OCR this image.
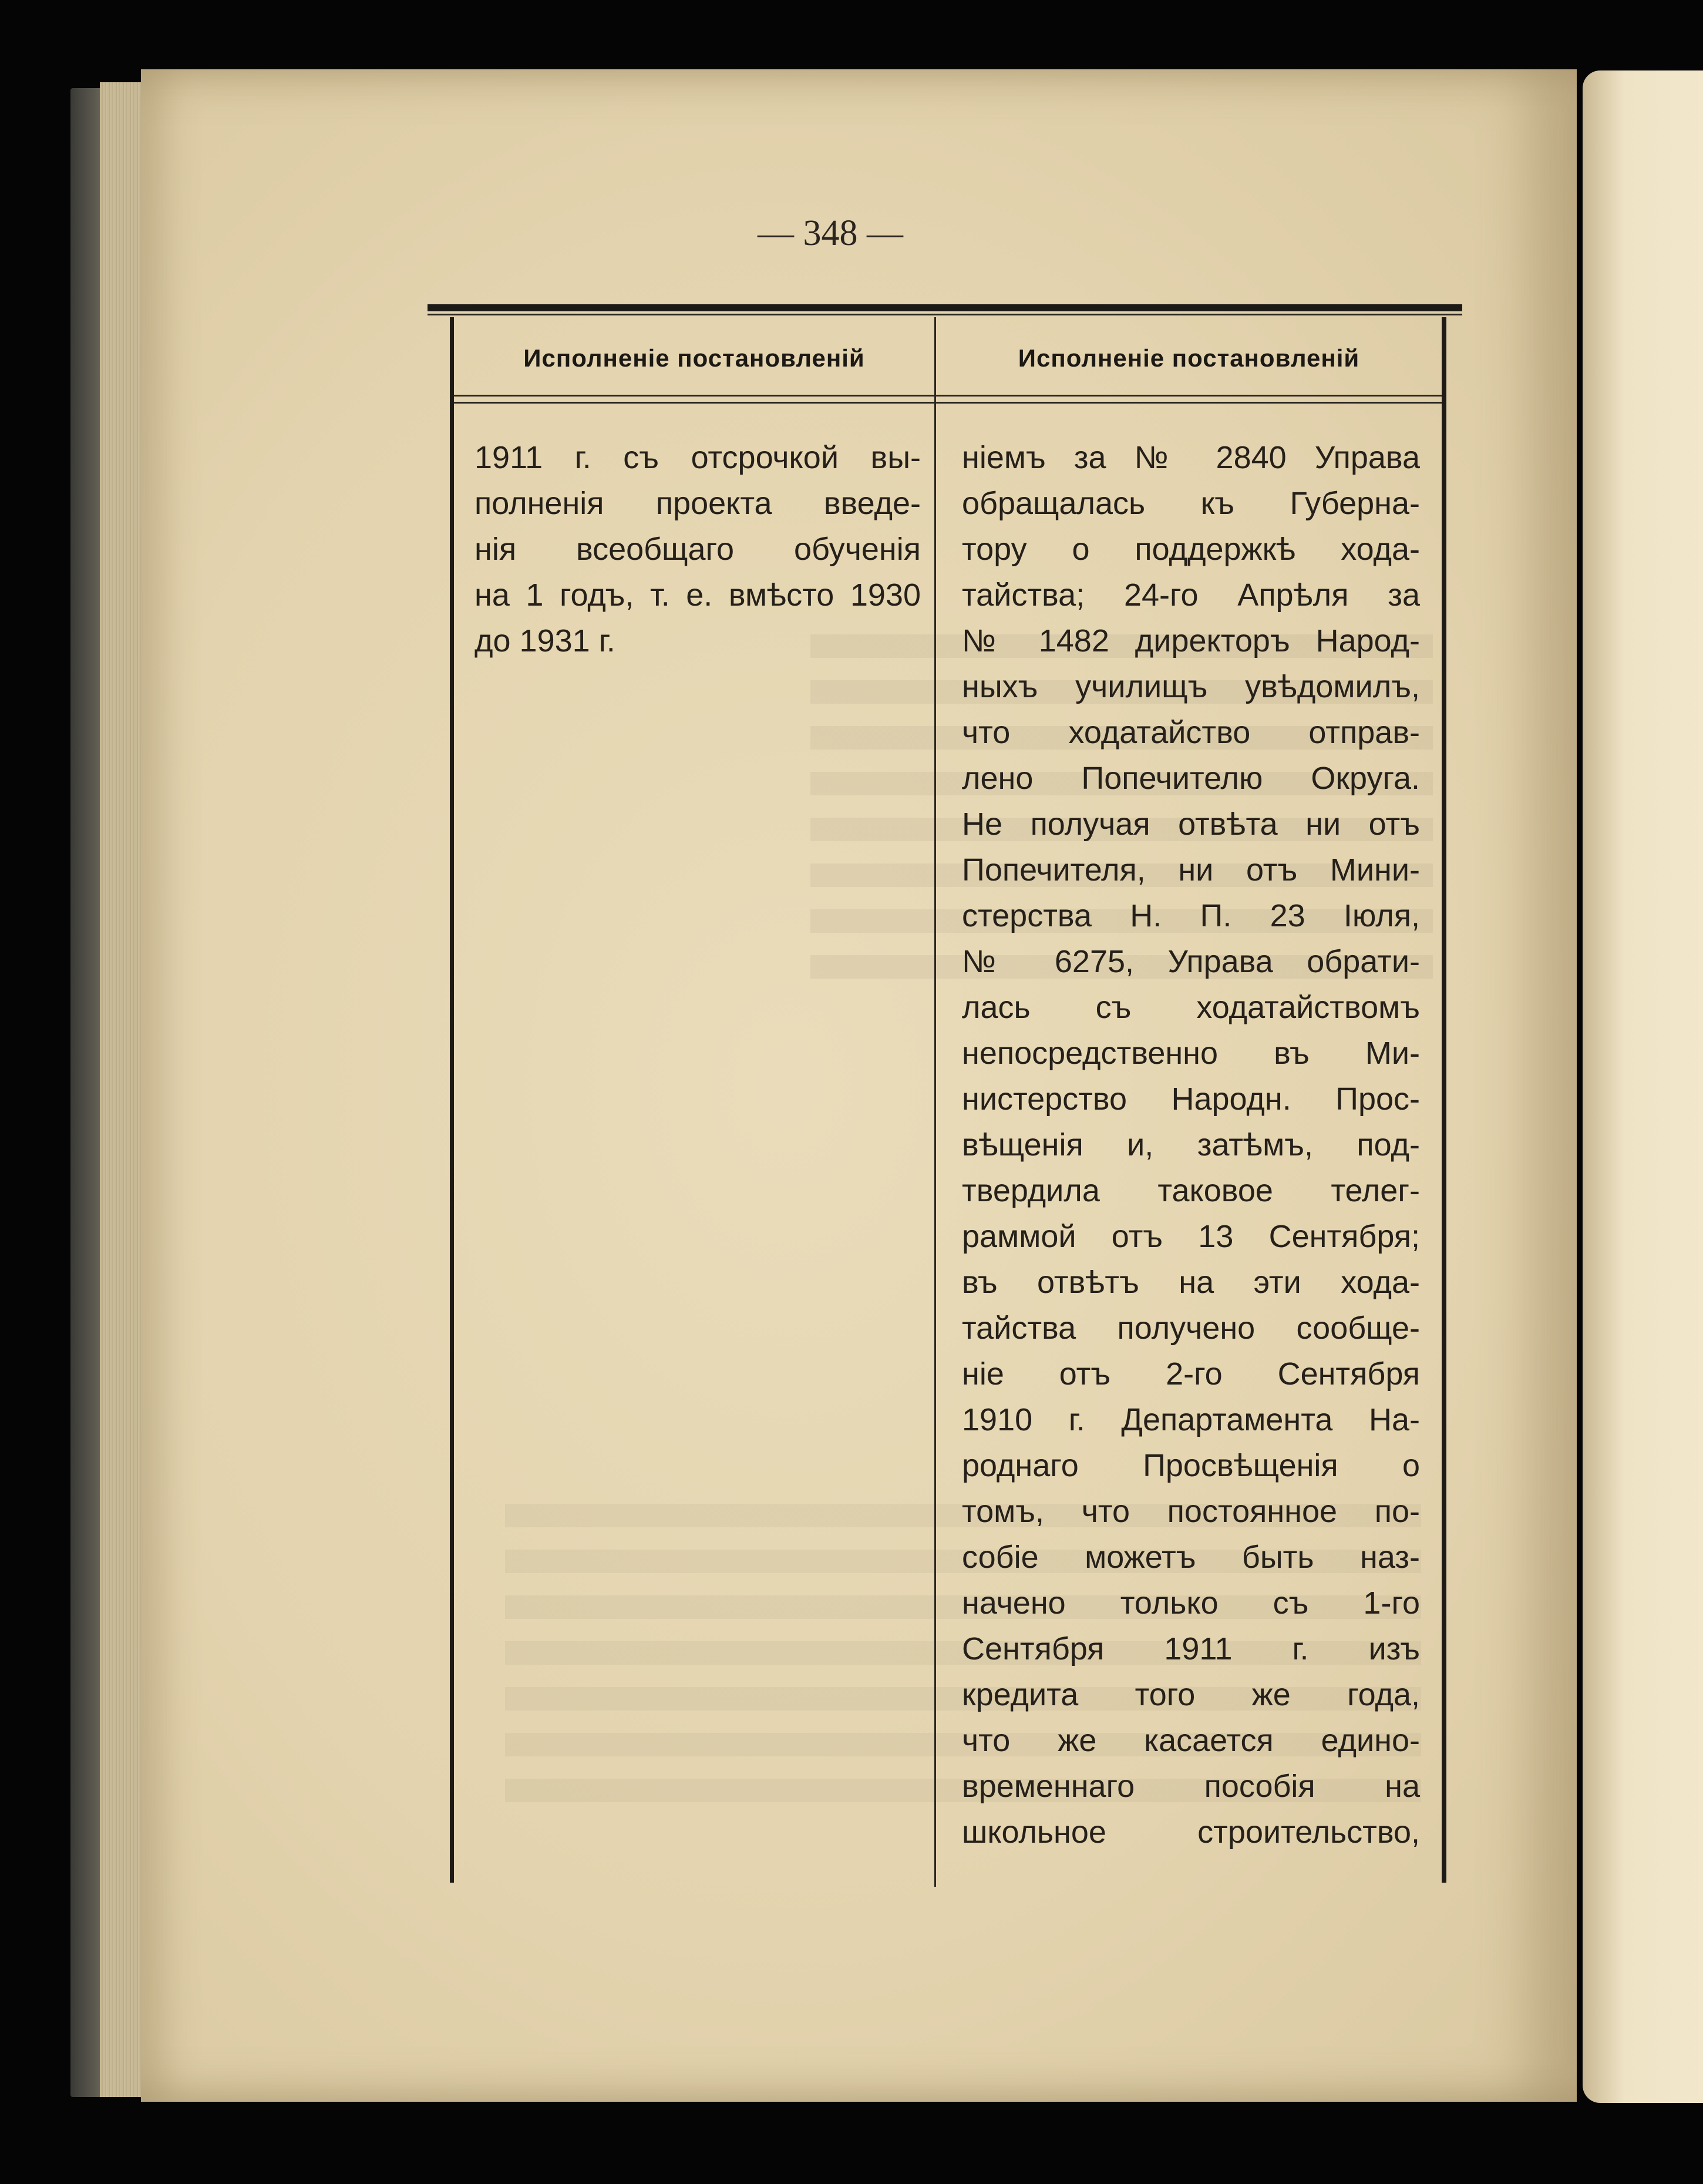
— 348 —
Исполненіе постановленій	Исполненіе постановленій

1911 г. съ отсрочкой вы-

полненія проекта введе-

нія всеобщаго обученія

на 1 годъ, т. е. вмѣсто 1930

до 1931 г.

ніемъ за № 2840 Управа

обращалась къ Губерна-

тору о поддержкѣ хода-

тайства; 24-го Апрѣля за

№ 1482 директоръ Народ-

ныхъ училищъ увѣдомилъ,

что ходатайство отправ-

лено Попечителю Округа.

Не получая отвѣта ни отъ

Попечителя, ни отъ Мини-

стерства Н. П. 23 Іюля,

№ 6275, Управа обрати-

лась съ ходатайствомъ

непосредственно въ Ми-

нистерство Народн. Прос-

вѣщенія и, затѣмъ, под-

твердила таковое телег-

раммой отъ 13 Сентября;

въ отвѣтъ на эти хода-

тайства получено сообще-

ніе отъ 2-го Сентября

1910 г. Департамента На-

роднаго Просвѣщенія о

томъ, что постоянное по-

собіе можетъ быть наз-

начено только съ 1-го

Сентября 1911 г. изъ

кредита того же года,

что же касается едино-

временнаго пособія на

школьное строительство,
